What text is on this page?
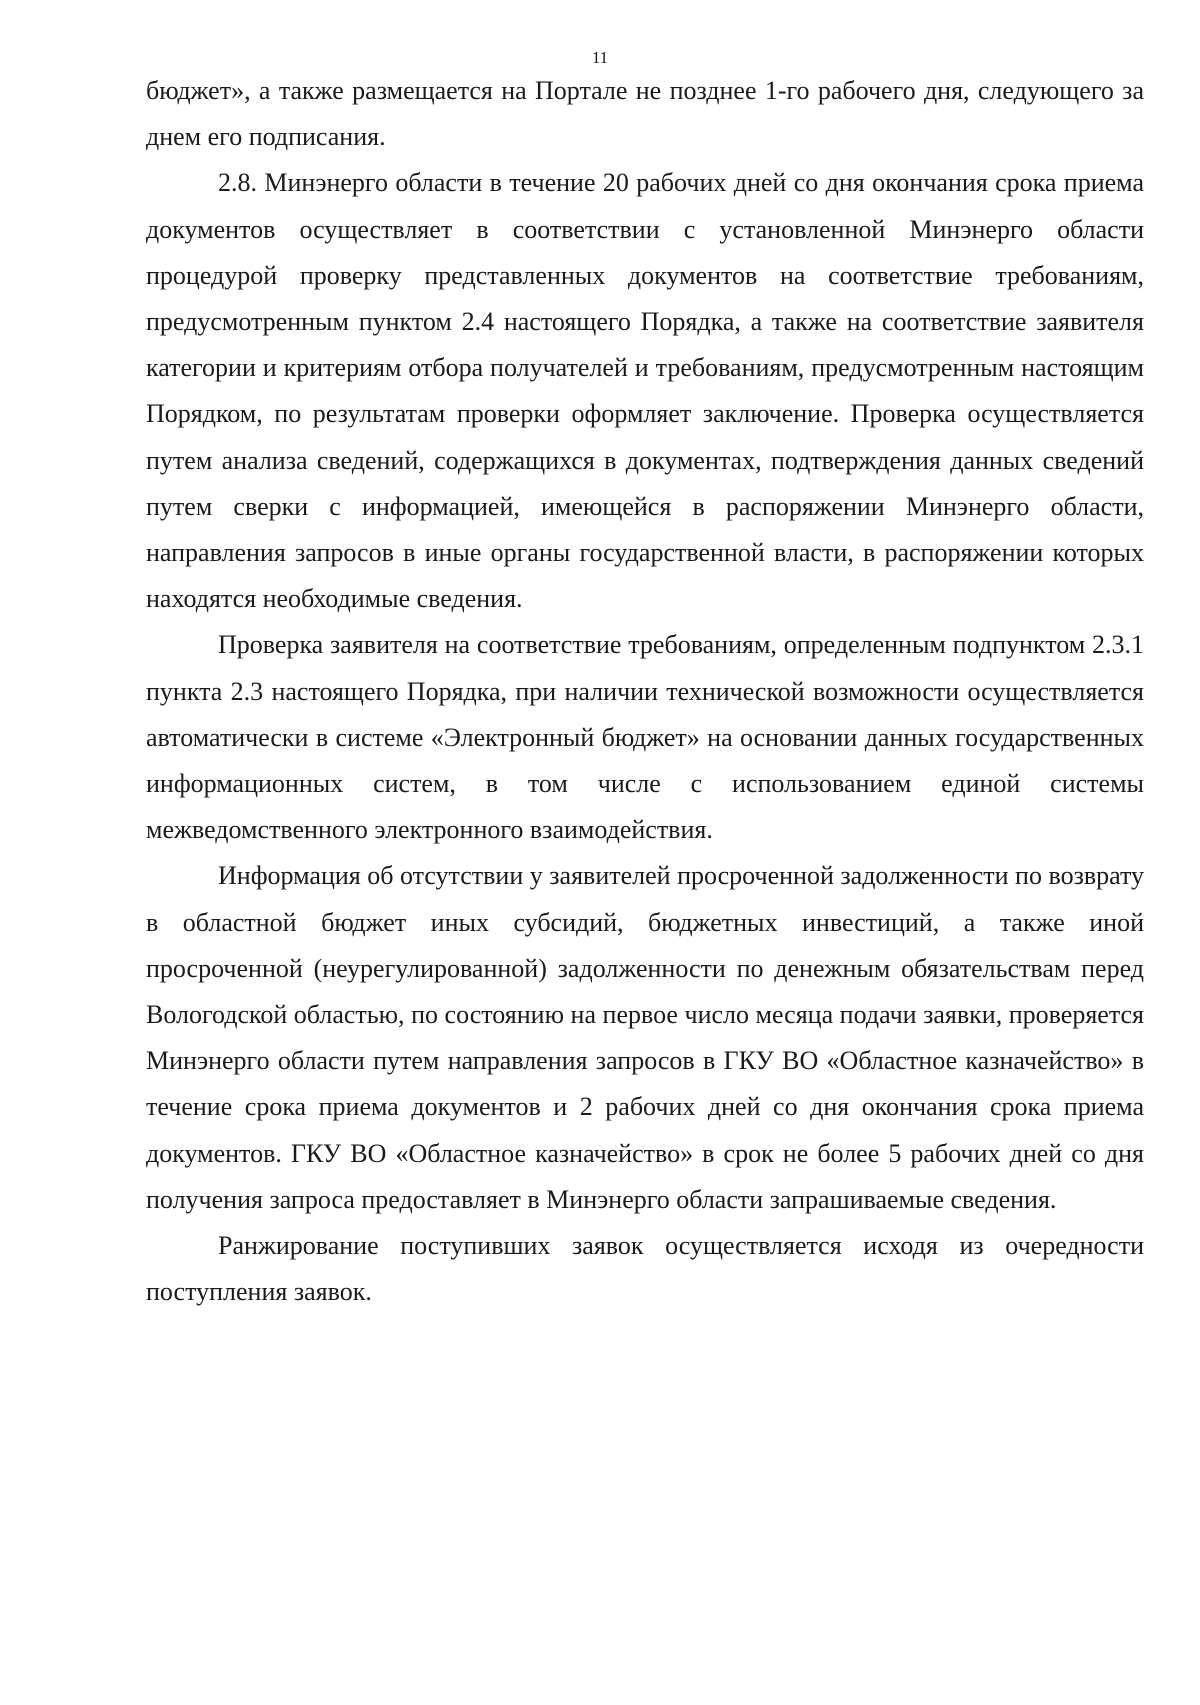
11

бюджет», а также размещается на Портале не позднее 1-го рабочего дня, следующего за днем его подписания.

2.8. Минэнерго области в течение 20 рабочих дней со дня окончания срока приема документов осуществляет в соответствии с установленной Минэнерго области процедурой проверку представленных документов на соответствие требованиям, предусмотренным пунктом 2.4 настоящего Порядка, а также на соответствие заявителя категории и критериям отбора получателей и требованиям, предусмотренным настоящим Порядком, по результатам проверки оформляет заключение. Проверка осуществляется путем анализа сведений, содержащихся в документах, подтверждения данных сведений путем сверки с информацией, имеющейся в распоряжении Минэнерго области, направления запросов в иные органы государственной власти, в распоряжении которых находятся необходимые сведения.

Проверка заявителя на соответствие требованиям, определенным подпунктом 2.3.1 пункта 2.3 настоящего Порядка, при наличии технической возможности осуществляется автоматически в системе «Электронный бюджет» на основании данных государственных информационных систем, в том числе с использованием единой системы межведомственного электронного взаимодействия.

Информация об отсутствии у заявителей просроченной задолженности по возврату в областной бюджет иных субсидий, бюджетных инвестиций, а также иной просроченной (неурегулированной) задолженности по денежным обязательствам перед Вологодской областью, по состоянию на первое число месяца подачи заявки, проверяется Минэнерго области путем направления запросов в ГКУ ВО «Областное казначейство» в течение срока приема документов и 2 рабочих дней со дня окончания срока приема документов. ГКУ ВО «Областное казначейство» в срок не более 5 рабочих дней со дня получения запроса предоставляет в Минэнерго области запрашиваемые сведения.

Ранжирование поступивших заявок осуществляется исходя из очередности поступления заявок.
